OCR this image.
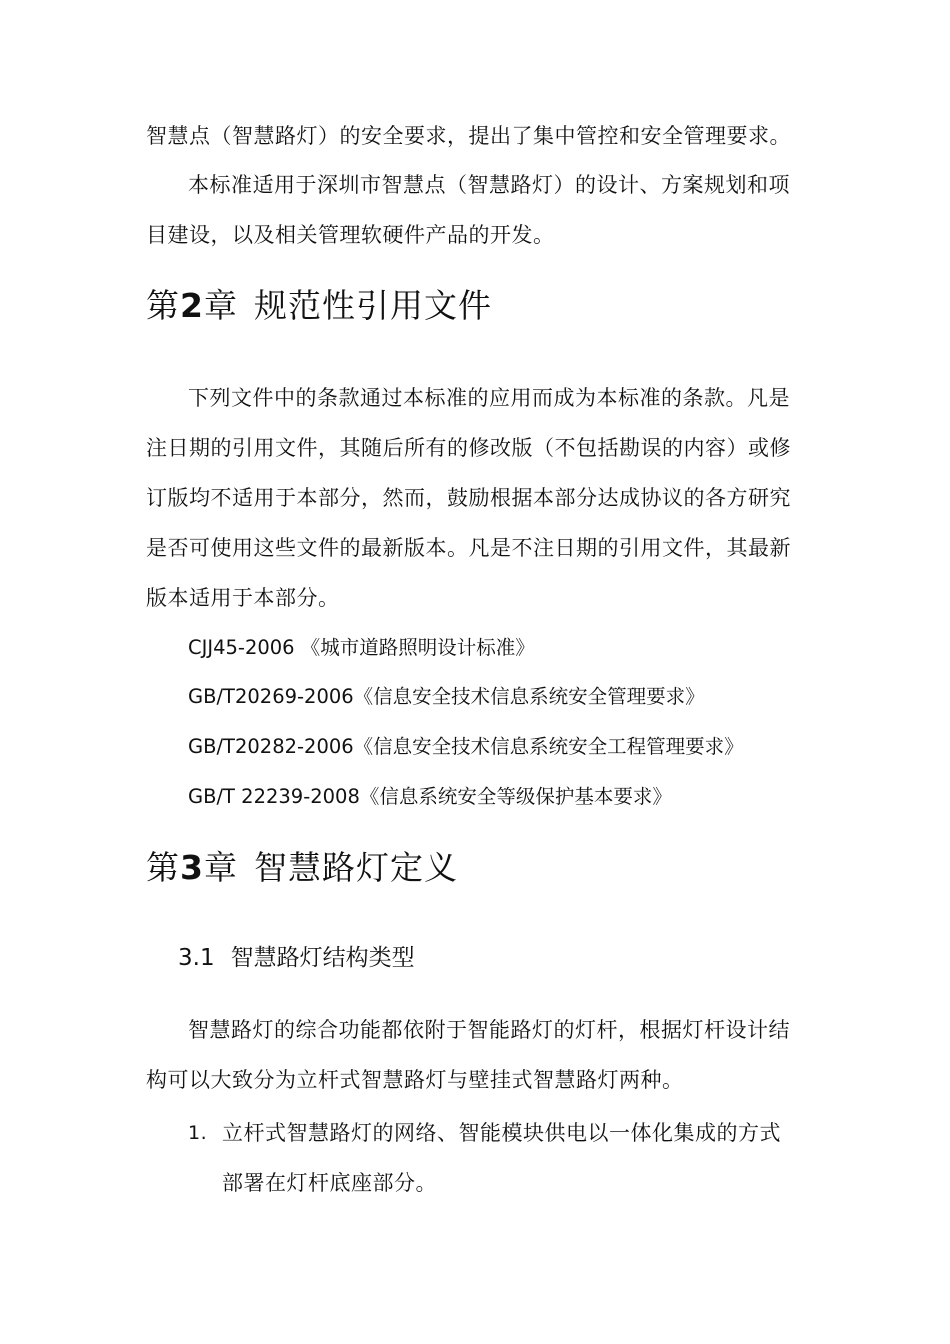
智慧点（智慧路灯）的安全要求，提出了集中管控和安全管理要求。

本标准适用于深圳市智慧点（智慧路灯）的设计、方案规划和项

目建设，以及相关管理软硬件产品的开发。

第2章 规范性引用文件

下列文件中的条款通过本标准的应用而成为本标准的条款。凡是

注日期的引用文件，其随后所有的修改版（不包括勘误的内容）或修

订版均不适用于本部分，然而，鼓励根据本部分达成协议的各方研究

是否可使用这些文件的最新版本。凡是不注日期的引用文件，其最新

版本适用于本部分。

CJJ45-2006 《城市道路照明设计标准》

GB/T20269-2006《信息安全技术信息系统安全管理要求》

GB/T20282-2006《信息安全技术信息系统安全工程管理要求》

GB/T 22239-2008《信息系统安全等级保护基本要求》

第3章 智慧路灯定义
3.1 智慧路灯结构类型

智慧路灯的综合功能都依附于智能路灯的灯杆，根据灯杆设计结

构可以大致分为立杆式智慧路灯与壁挂式智慧路灯两种。

1. 立杆式智慧路灯的网络、智能模块供电以一体化集成的方式

部署在灯杆底座部分。
